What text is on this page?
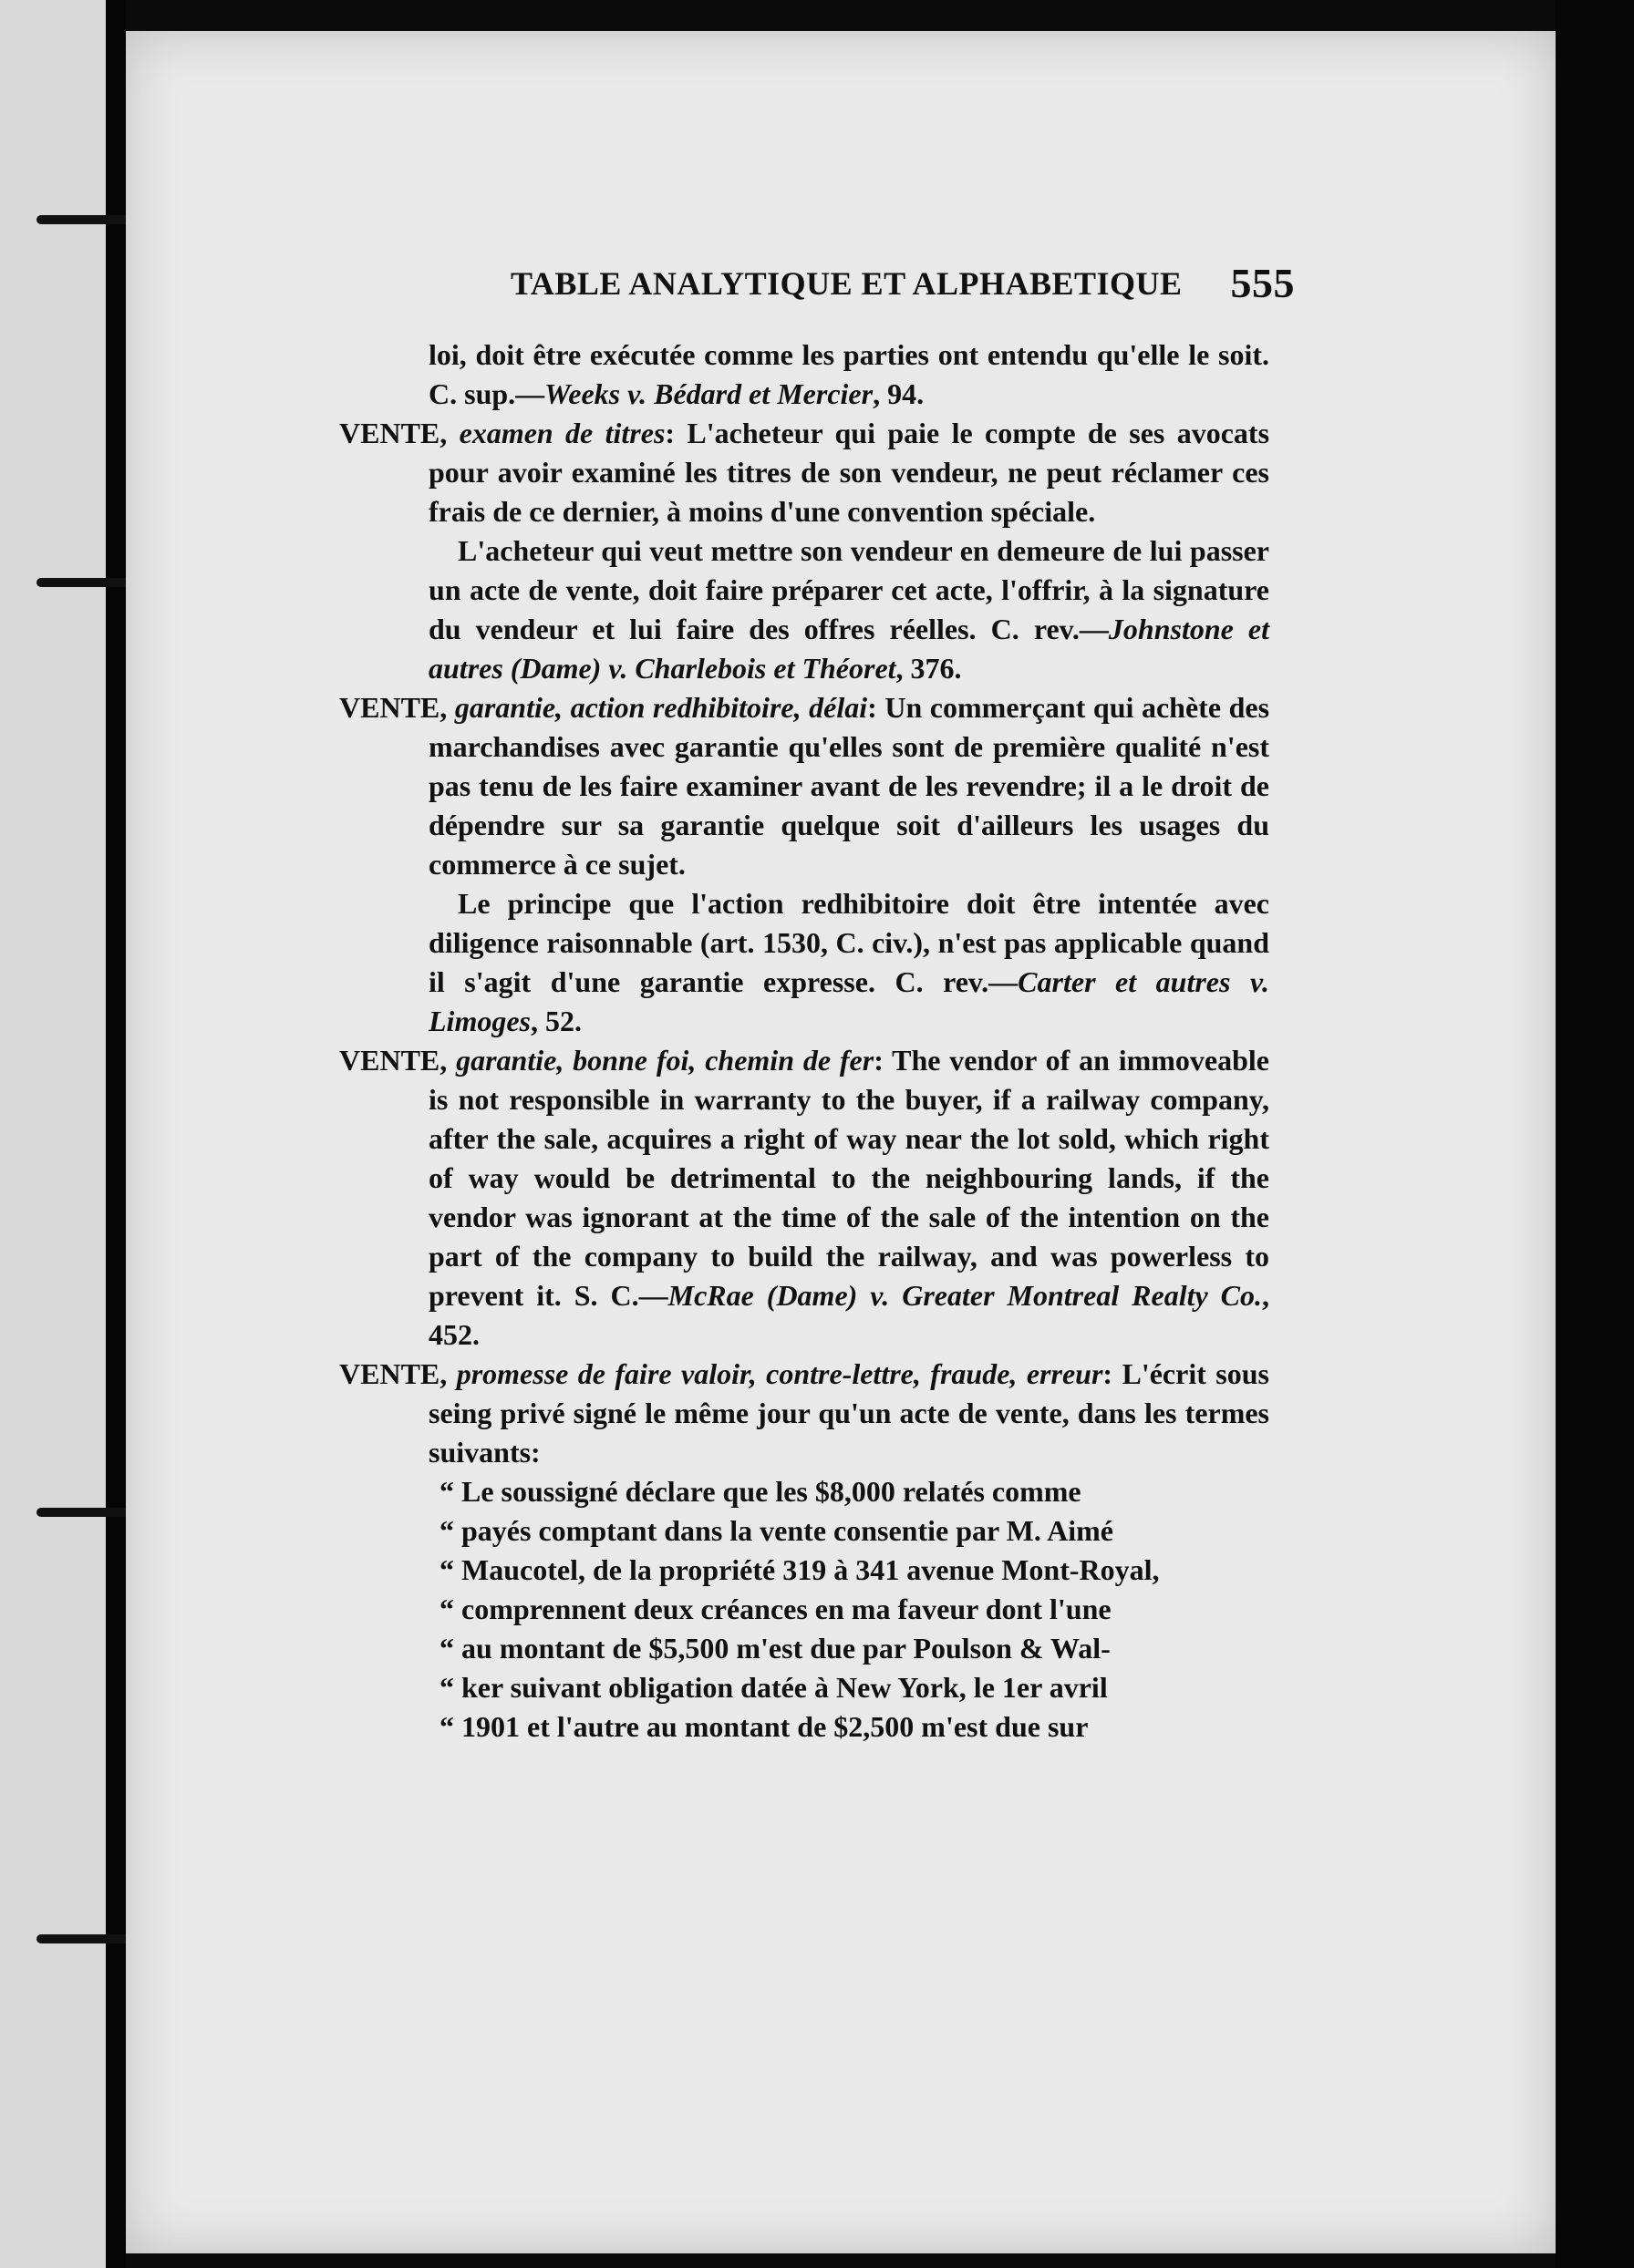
TABLE ANALYTIQUE ET ALPHABETIQUE 555

loi, doit être exécutée comme les parties ont entendu qu'elle le soit. C. sup.—Weeks v. Bédard et Mercier, 94.

VENTE, examen de titres: L'acheteur qui paie le compte de ses avocats pour avoir examiné les titres de son vendeur, ne peut réclamer ces frais de ce dernier, à moins d'une convention spéciale.

L'acheteur qui veut mettre son vendeur en demeure de lui passer un acte de vente, doit faire préparer cet acte, l'offrir, à la signature du vendeur et lui faire des offres réelles. C. rev.—Johnstone et autres (Dame) v. Charlebois et Théoret, 376.

VENTE, garantie, action redhibitoire, délai: Un commerçant qui achète des marchandises avec garantie qu'elles sont de première qualité n'est pas tenu de les faire examiner avant de les revendre; il a le droit de dépendre sur sa garantie quelque soit d'ailleurs les usages du commerce à ce sujet.

Le principe que l'action redhibitoire doit être intentée avec diligence raisonnable (art. 1530, C. civ.), n'est pas applicable quand il s'agit d'une garantie expresse. C. rev.—Carter et autres v. Limoges, 52.

VENTE, garantie, bonne foi, chemin de fer: The vendor of an immoveable is not responsible in warranty to the buyer, if a railway company, after the sale, acquires a right of way near the lot sold, which right of way would be detrimental to the neighbouring lands, if the vendor was ignorant at the time of the sale of the intention on the part of the company to build the railway, and was powerless to prevent it. S. C.—McRae (Dame) v. Greater Montreal Realty Co., 452.

VENTE, promesse de faire valoir, contre-lettre, fraude, erreur: L'écrit sous seing privé signé le même jour qu'un acte de vente, dans les termes suivants:

“ Le soussigné déclare que les $8,000 relatés comme

“ payés comptant dans la vente consentie par M. Aimé

“ Maucotel, de la propriété 319 à 341 avenue Mont-Royal,

“ comprennent deux créances en ma faveur dont l'une

“ au montant de $5,500 m'est due par Poulson & Wal-

“ ker suivant obligation datée à New York, le 1er avril

“ 1901 et l'autre au montant de $2,500 m'est due sur
